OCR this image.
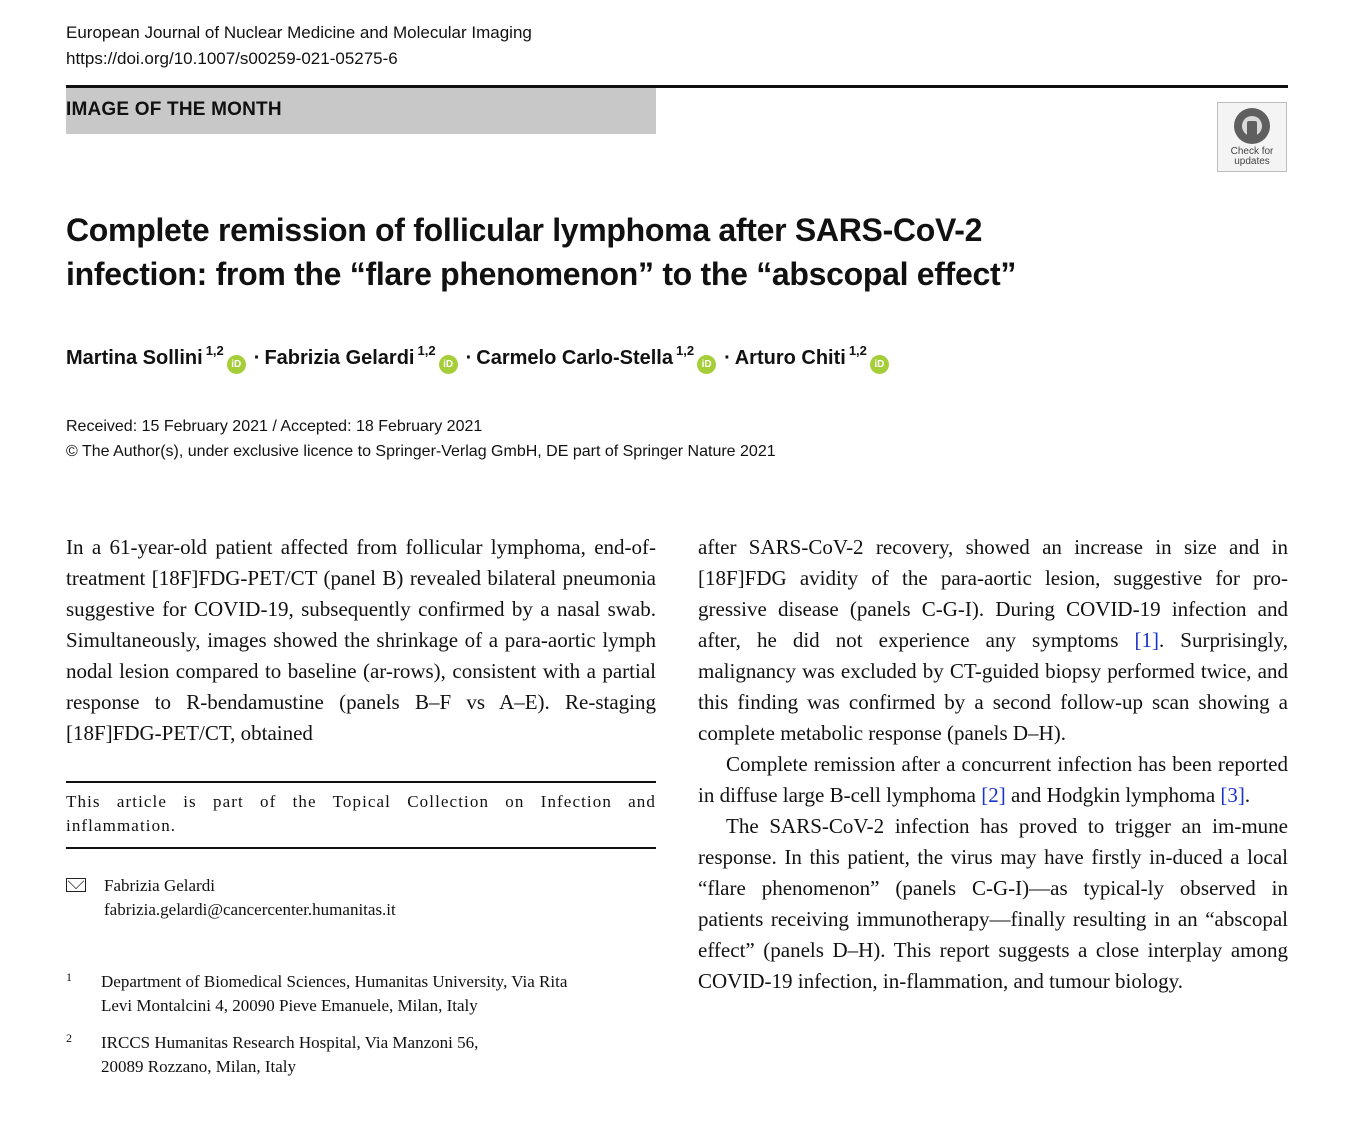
European Journal of Nuclear Medicine and Molecular Imaging
https://doi.org/10.1007/s00259-021-05275-6
IMAGE OF THE MONTH
Check for
updates
Complete remission of follicular lymphoma after SARS-CoV-2
infection: from the “flare phenomenon” to the “abscopal effect”
Martina Sollini $^{1,2}$iD · Fabrizia Gelardi $^{1,2}$iD · Carmelo Carlo-Stella $^{1,2}$iD · Arturo Chiti $^{1,2}$iD
Received: 15 February 2021 / Accepted: 18 February 2021
© The Author(s), under exclusive licence to Springer-Verlag GmbH, DE part of Springer Nature 2021

In a 61-year-old patient affected from follicular lymphoma, end-of-treatment [18F]FDG-PET/CT (panel B) revealed bilateral pneumonia suggestive for COVID-19, subsequently confirmed by a nasal swab. Simultaneously, images showed the shrinkage of a para-aortic lymph nodal lesion compared to baseline (ar-rows), consistent with a partial response to R-bendamustine (panels B–F vs A–E). Re-staging [18F]FDG-PET/CT, obtained

This article is part of the Topical Collection on Infection and inflammation.
Fabrizia Gelardi
fabrizia.gelardi@cancercenter.humanitas.it
1 Department of Biomedical Sciences, Humanitas University, Via Rita
Levi Montalcini 4, 20090 Pieve Emanuele, Milan, Italy
2 IRCCS Humanitas Research Hospital, Via Manzoni 56,
20089 Rozzano, Milan, Italy

after SARS-CoV-2 recovery, showed an increase in size and in [18F]FDG avidity of the para-aortic lesion, suggestive for pro-gressive disease (panels C-G-I). During COVID-19 infection and after, he did not experience any symptoms [1]. Surprisingly, malignancy was excluded by CT-guided biopsy performed twice, and this finding was confirmed by a second follow-up scan showing a complete metabolic response (panels D–H).

Complete remission after a concurrent infection has been reported in diffuse large B-cell lymphoma [2] and Hodgkin lymphoma [3].

The SARS-CoV-2 infection has proved to trigger an im-mune response. In this patient, the virus may have firstly in-duced a local “flare phenomenon” (panels C-G-I)—as typical-ly observed in patients receiving immunotherapy—finally resulting in an “abscopal effect” (panels D–H). This report suggests a close interplay among COVID-19 infection, in-flammation, and tumour biology.
